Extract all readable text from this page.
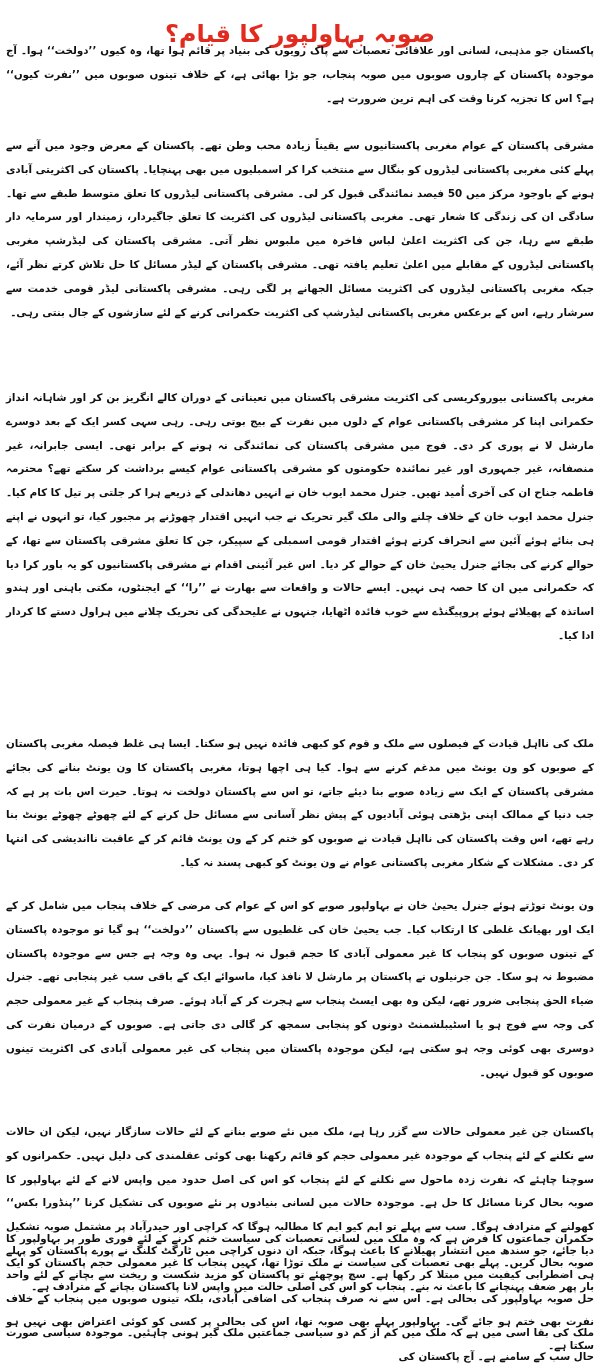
صوبہ بہاولپور کا قیام؟

پاکستان جو مذہبی، لسانی اور علاقائی تعصبات سے پاک رویوں کی بنیاد پر قائم ہوا تھا، وہ کیوں ’’دولخت‘‘ ہوا۔ آج موجودہ پاکستان کے چاروں صوبوں میں صوبہ پنجاب، جو بڑا بھائی ہے، کے خلاف تینوں صوبوں میں ’’نفرت کیوں‘‘ ہے؟ اس کا تجزیہ کرنا وقت کی اہم ترین ضرورت ہے۔

مشرقی پاکستان کے عوام مغربی پاکستانیوں سے یقیناً زیادہ محب وطن تھے۔ پاکستان کے معرض وجود میں آنے سے پہلے کئی مغربی پاکستانی لیڈروں کو بنگال سے منتخب کرا کر اسمبلیوں میں بھی پہنچایا۔ پاکستان کی اکثریتی آبادی ہونے کے باوجود مرکز میں 50 فیصد نمائندگی قبول کر لی۔ مشرقی پاکستانی لیڈروں کا تعلق متوسط طبقے سے تھا۔ سادگی ان کی زندگی کا شعار تھی۔ مغربی پاکستانی لیڈروں کی اکثریت کا تعلق جاگیردار، زمیندار اور سرمایہ دار طبقے سے رہا، جن کی اکثریت اعلیٰ لباس فاخرہ میں ملبوس نظر آتی۔ مشرقی پاکستان کی لیڈرشپ مغربی پاکستانی لیڈروں کے مقابلے میں اعلیٰ تعلیم یافتہ تھی۔ مشرقی پاکستان کے لیڈر مسائل کا حل تلاش کرتے نظر آئے، جبکہ مغربی پاکستانی لیڈروں کی اکثریت مسائل الجھانے پر لگی رہی۔ مشرقی پاکستانی لیڈر قومی خدمت سے سرشار رہے، اس کے برعکس مغربی پاکستانی لیڈرشپ کی اکثریت حکمرانی کرنے کے لئے سازشوں کے جال بنتی رہی۔

مغربی پاکستانی بیوروکریسی کی اکثریت مشرقی پاکستان میں تعیناتی کے دوران کالے انگریز بن کر اور شاہانہ انداز حکمرانی اپنا کر مشرقی پاکستانی عوام کے دلوں میں نفرت کے بیج بوتی رہی۔ رہی سہی کسر ایک کے بعد دوسرے مارشل لا نے پوری کر دی۔ فوج میں مشرقی پاکستان کی نمائندگی نہ ہونے کے برابر تھی۔ ایسی جابرانہ، غیر منصفانہ، غیر جمہوری اور غیر نمائندہ حکومتوں کو مشرقی پاکستانی عوام کیسے برداشت کر سکتے تھے؟ محترمہ فاطمہ جناح ان کی آخری اُمید تھیں۔ جنرل محمد ایوب خان نے انہیں دھاندلی کے ذریعے ہرا کر جلتی پر تیل کا کام کیا۔ جنرل محمد ایوب خان کے خلاف چلنے والی ملک گیر تحریک نے جب انہیں اقتدار چھوڑنے پر مجبور کیا، تو انہوں نے اپنے ہی بنائے ہوئے آئین سے انحراف کرتے ہوئے اقتدار قومی اسمبلی کے سپیکر، جن کا تعلق مشرقی پاکستان سے تھا، کے حوالے کرنے کی بجائے جنرل یحییٰ خان کے حوالے کر دیا۔ اس غیر آئینی اقدام نے مشرقی پاکستانیوں کو یہ باور کرا دیا کہ حکمرانی میں ان کا حصہ ہی نہیں۔ ایسے حالات و واقعات سے بھارت نے ’’را‘‘ کے ایجنٹوں، مکتی باہنی اور ہندو اساتذہ کے پھیلائے ہوئے پروپیگنڈے سے خوب فائدہ اٹھایا، جنہوں نے علیحدگی کی تحریک چلانے میں ہراول دستے کا کردار ادا کیا۔

ملک کی نااہل قیادت کے فیصلوں سے ملک و قوم کو کبھی فائدہ نہیں ہو سکتا۔ ایسا ہی غلط فیصلہ مغربی پاکستان کے صوبوں کو ون یونٹ میں مدغم کرنے سے ہوا۔ کیا ہی اچھا ہوتا، مغربی پاکستان کا ون یونٹ بنانے کی بجائے مشرقی پاکستان کے ایک سے زیادہ صوبے بنا دیئے جاتے، تو اس سے پاکستان دولخت نہ ہوتا۔ حیرت اس بات پر ہے کہ جب دنیا کے ممالک اپنی بڑھتی ہوئی آبادیوں کے پیش نظر آسانی سے مسائل حل کرنے کے لئے چھوٹے چھوٹے یونٹ بنا رہے تھے، اس وقت پاکستان کی نااہل قیادت نے صوبوں کو ختم کر کے ون یونٹ قائم کر کے عاقبت نااندیشی کی انتہا کر دی۔ مشکلات کے شکار مغربی پاکستانی عوام نے ون یونٹ کو کبھی پسند نہ کیا۔

ون یونٹ توڑتے ہوئے جنرل یحییٰ خان نے بہاولپور صوبے کو اس کے عوام کی مرضی کے خلاف پنجاب میں شامل کر کے ایک اور بھیانک غلطی کا ارتکاب کیا۔ جب یحییٰ خان کی غلطیوں سے پاکستان ’’دولخت‘‘ ہو گیا تو موجودہ پاکستان کے تینوں صوبوں کو پنجاب کا غیر معمولی آبادی کا حجم قبول نہ ہوا۔ یہی وہ وجہ ہے جس سے موجودہ پاکستان مضبوط نہ ہو سکا۔ جن جرنیلوں نے پاکستان پر مارشل لا نافذ کیا، ماسوائے ایک کے باقی سب غیر پنجابی تھے۔ جنرل ضیاء الحق پنجابی ضرور تھے، لیکن وہ بھی ایسٹ پنجاب سے ہجرت کر کے آباد ہوئے۔ صرف پنجاب کے غیر معمولی حجم کی وجہ سے فوج ہو یا اسٹیبلشمنٹ دونوں کو پنجابی سمجھ کر گالی دی جاتی ہے۔ صوبوں کے درمیان نفرت کی دوسری بھی کوئی وجہ ہو سکتی ہے، لیکن موجودہ پاکستان میں پنجاب کی غیر معمولی آبادی کی اکثریت تینوں صوبوں کو قبول نہیں۔

پاکستان جن غیر معمولی حالات سے گزر رہا ہے، ملک میں نئے صوبے بنانے کے لئے حالات سازگار نہیں، لیکن ان حالات سے نکلنے کے لئے پنجاب کے موجودہ غیر معمولی حجم کو قائم رکھنا بھی کوئی عقلمندی کی دلیل نہیں۔ حکمرانوں کو سوچنا چاہئے کہ نفرت زدہ ماحول سے نکلنے کے لئے پنجاب کو اس کی اصل حدود میں واپس لانے کے لئے بہاولپور کا صوبہ بحال کرنا مسائل کا حل ہے۔ موجودہ حالات میں لسانی بنیادوں پر نئے صوبوں کی تشکیل کرنا ’’پنڈورا بکس‘‘ کھولنے کے مترادف ہوگا۔ سب سے پہلے تو ایم کیو ایم کا مطالبہ ہوگا کہ کراچی اور حیدرآباد پر مشتمل صوبہ تشکیل دیا جائے، جو سندھ میں انتشار پھیلانے کا باعث ہوگا، جبکہ ان دنوں کراچی میں ٹارگٹ کلنگ نے پورے پاکستان کو پہلے ہی اضطرابی کیفیت میں مبتلا کر رکھا ہے۔ سچ پوچھئے تو پاکستان کو مزید شکست و ریخت سے بچانے کے لئے واحد حل صوبہ بہاولپور کی بحالی ہے۔ اس سے نہ صرف پنجاب کی اضافی آبادی، بلکہ تینوں صوبوں میں پنجاب کے خلاف نفرت بھی ختم ہو جائے گی۔ بہاولپور پہلے بھی صوبہ تھا، اس کی بحالی پر کسی کو کوئی اعتراض بھی نہیں ہو سکتا ہے۔

حکمران جماعتوں کا فرض ہے کہ وہ ملک میں لسانی تعصبات کی سیاست ختم کرنے کے لئے فوری طور پر بہاولپور کا صوبہ بحال کریں۔ پہلے بھی تعصبات کی سیاست نے ملک توڑا تھا، کہیں پنجاب کا غیر معمولی حجم پاکستان کو ایک بار پھر ضعف پہنچانے کا باعث نہ بنے۔ پنجاب کو اس کی اصلی حالت میں واپس لانا پاکستان بچانے کے مترادف ہے۔

ملک کی بقا اسی میں ہے کہ ملک میں کم از کم دو سیاسی جماعتیں ملک گیر ہونی چاہئیں۔ موجودہ سیاسی صورت حال سب کے سامنے ہے۔ آج پاکستان کی
